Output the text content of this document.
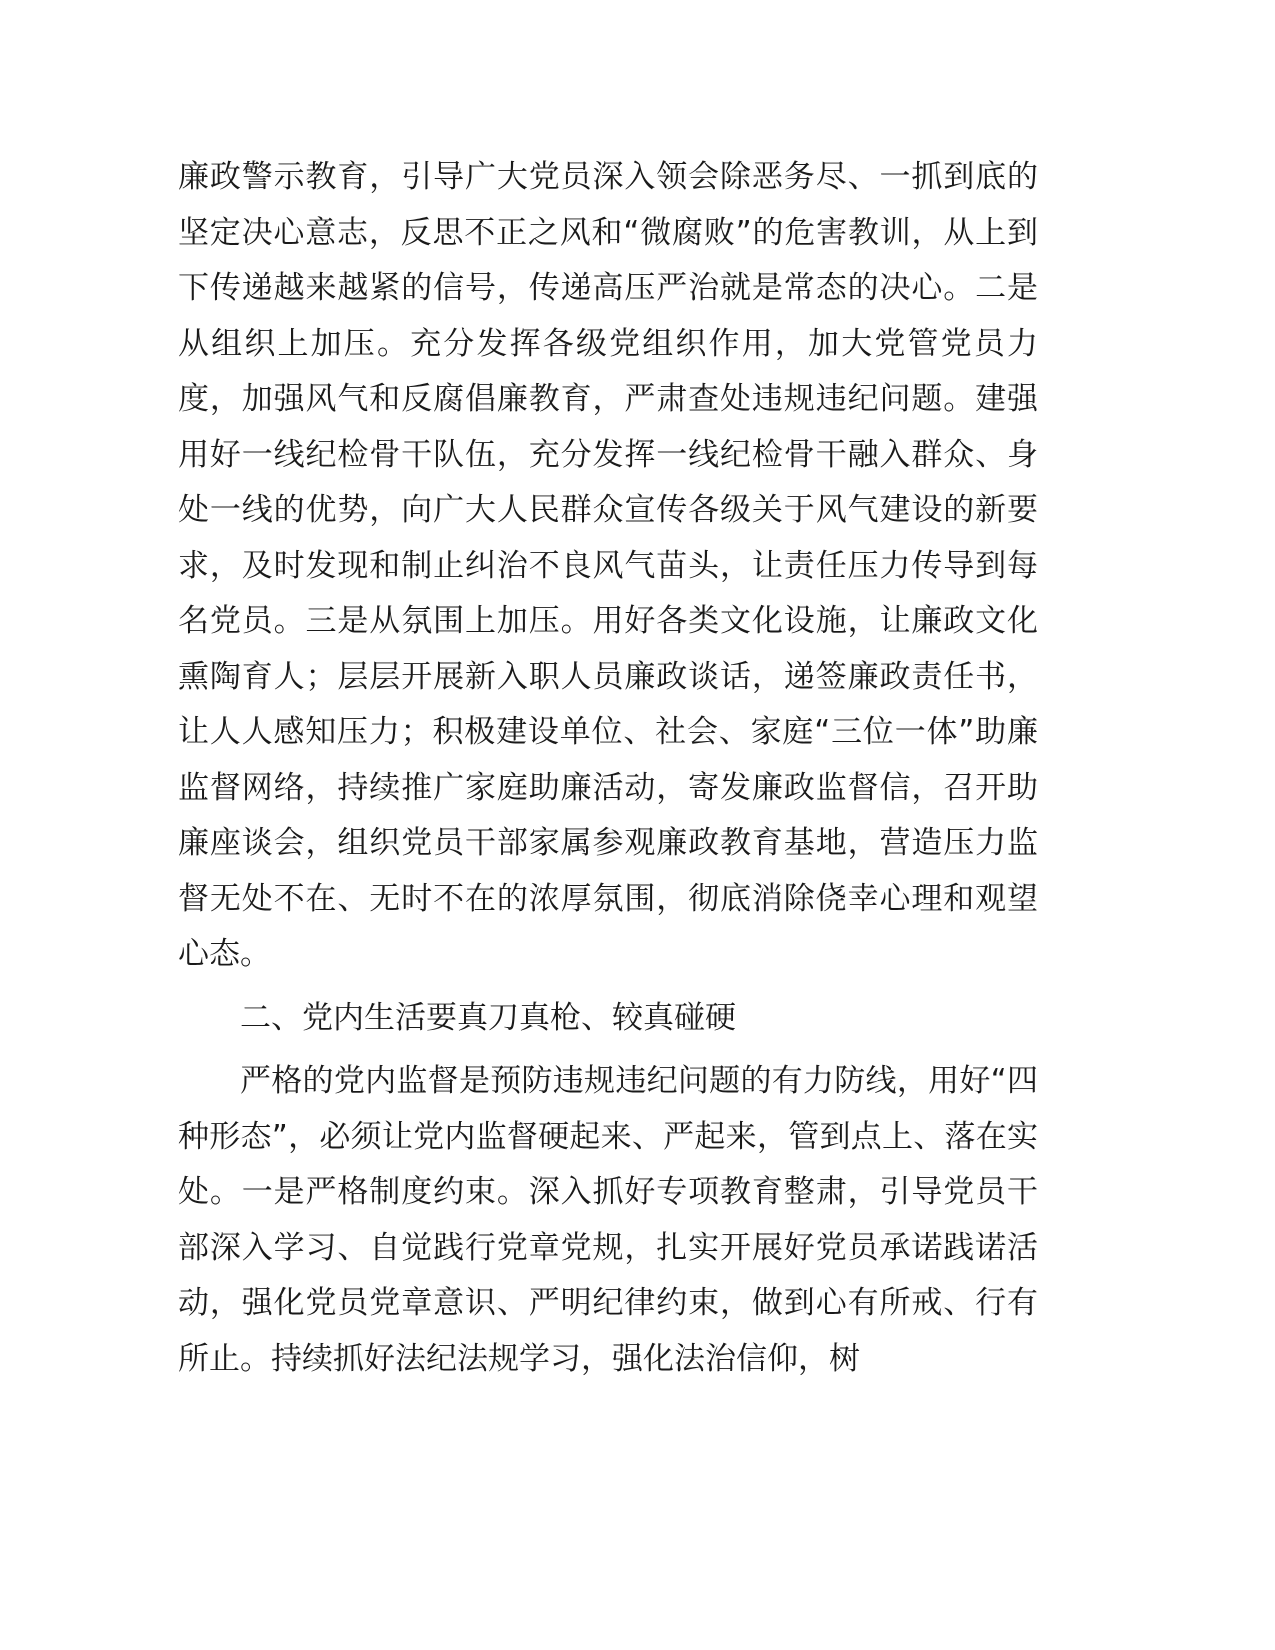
廉政警示教育，引导广大党员深入领会除恶务尽、一抓到底的坚定决心意志，反思不正之风和“微腐败”的危害教训，从上到下传递越来越紧的信号，传递高压严治就是常态的决心。二是从组织上加压。充分发挥各级党组织作用，加大党管党员力度，加强风气和反腐倡廉教育，严肃查处违规违纪问题。建强用好一线纪检骨干队伍，充分发挥一线纪检骨干融入群众、身处一线的优势，向广大人民群众宣传各级关于风气建设的新要求，及时发现和制止纠治不良风气苗头，让责任压力传导到每名党员。三是从氛围上加压。用好各类文化设施，让廉政文化熏陶育人；层层开展新入职人员廉政谈话，递签廉政责任书，让人人感知压力；积极建设单位、社会、家庭“三位一体”助廉监督网络，持续推广家庭助廉活动，寄发廉政监督信，召开助廉座谈会，组织党员干部家属参观廉政教育基地，营造压力监督无处不在、无时不在的浓厚氛围，彻底消除侥幸心理和观望心态。

二、党内生活要真刀真枪、较真碰硬

严格的党内监督是预防违规违纪问题的有力防线，用好“四种形态”，必须让党内监督硬起来、严起来，管到点上、落在实处。一是严格制度约束。深入抓好专项教育整肃，引导党员干部深入学习、自觉践行党章党规，扎实开展好党员承诺践诺活动，强化党员党章意识、严明纪律约束，做到心有所戒、行有所止。持续抓好法纪法规学习，强化法治信仰，树
